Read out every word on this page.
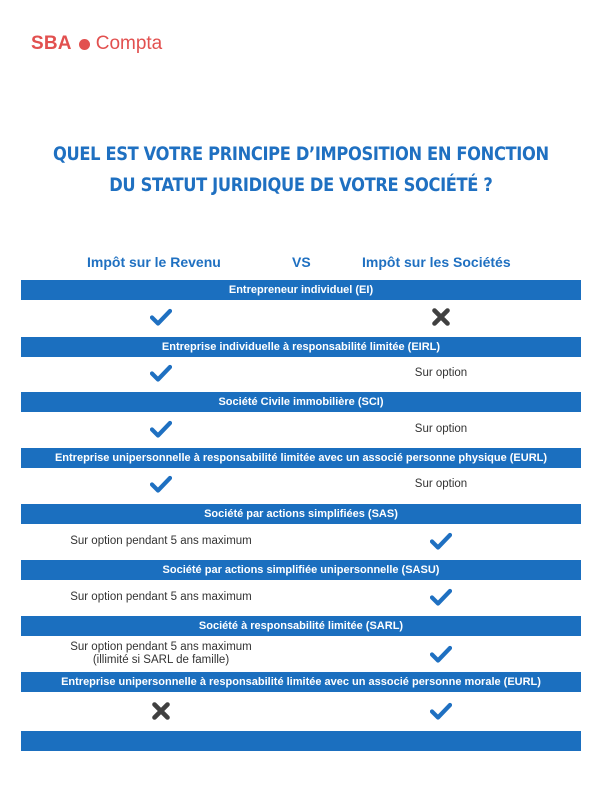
SBA Compta
QUEL EST VOTRE PRINCIPE D’IMPOSITION EN FONCTION
DU STATUT JURIDIQUE DE VOTRE SOCIÉTÉ ?
Impôt sur le Revenu	VS	Impôt sur les Sociétés
Entrepreneur individuel (EI)
Entreprise individuelle à responsabilité limitée (EIRL)
Sur option
Société Civile immobilière (SCI)
Sur option
Entreprise unipersonnelle à responsabilité limitée avec un associé personne physique (EURL)
Sur option
Société par actions simplifiées (SAS)
Sur option pendant 5 ans maximum
Société par actions simplifiée unipersonnelle (SASU)
Sur option pendant 5 ans maximum
Société à responsabilité limitée (SARL)
Sur option pendant 5 ans maximum
(illimité si SARL de famille)
Entreprise unipersonnelle à responsabilité limitée avec un associé personne morale (EURL)
